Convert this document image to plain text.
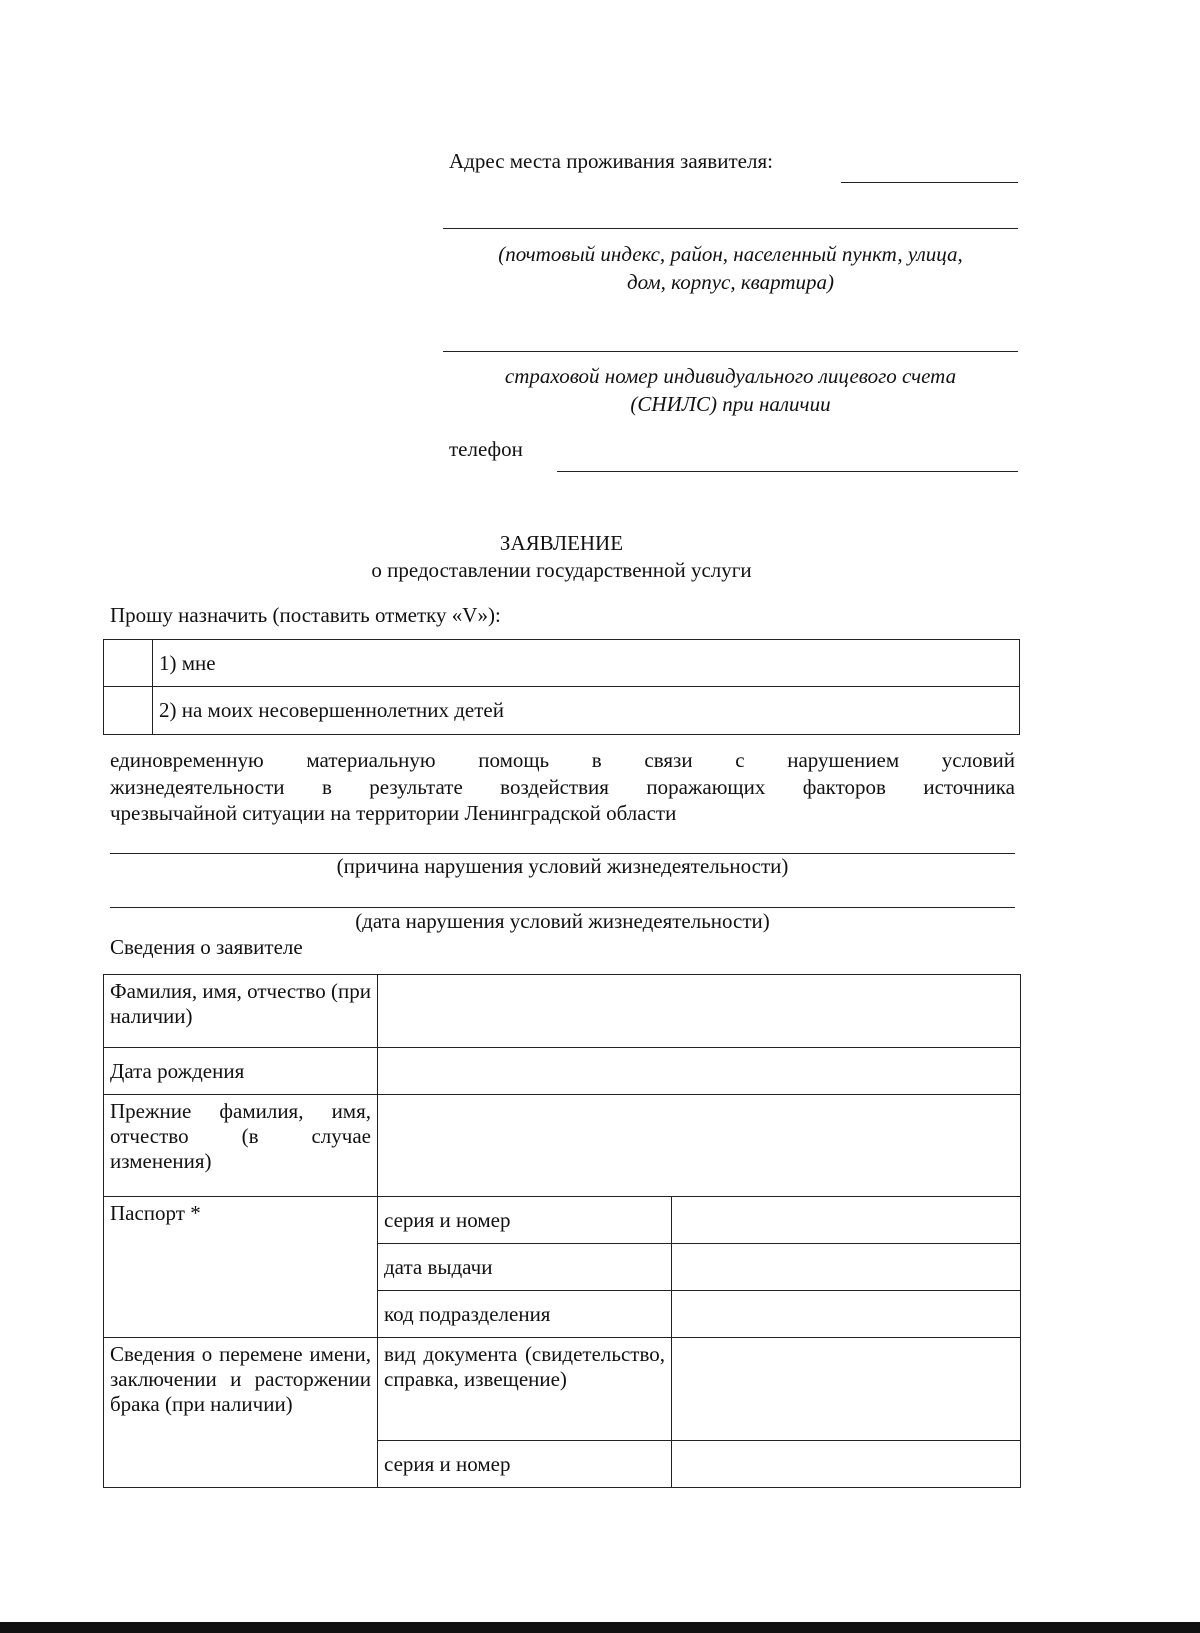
Адрес места проживания заявителя:
(почтовый индекс, район, населенный пункт, улица,
дом, корпус, квартира)
страховой номер индивидуального лицевого счета
(СНИЛС) при наличии
телефон
ЗАЯВЛЕНИЕ
о предоставлении государственной услуги
Прошу назначить (поставить отметку «V»):
	1) мне
	2) на моих несовершеннолетних детей
единовременную материальную помощь в связи с нарушением условий
жизнедеятельности в результате воздействия поражающих факторов источника
чрезвычайной ситуации на территории Ленинградской области
(причина нарушения условий жизнедеятельности)
(дата нарушения условий жизнедеятельности)
Сведения о заявителе
Фамилия, имя, отчество (при наличии)		
Дата рождения		
Прежние фамилия, имя, отчество (в случае изменения)		
Паспорт *	серия и номер	
	дата выдачи	
	код подразделения	
Сведения о перемене имени, заключении и расторжении брака (при наличии)	вид документа (свидетельство, справка, извещение)	
	серия и номер	
